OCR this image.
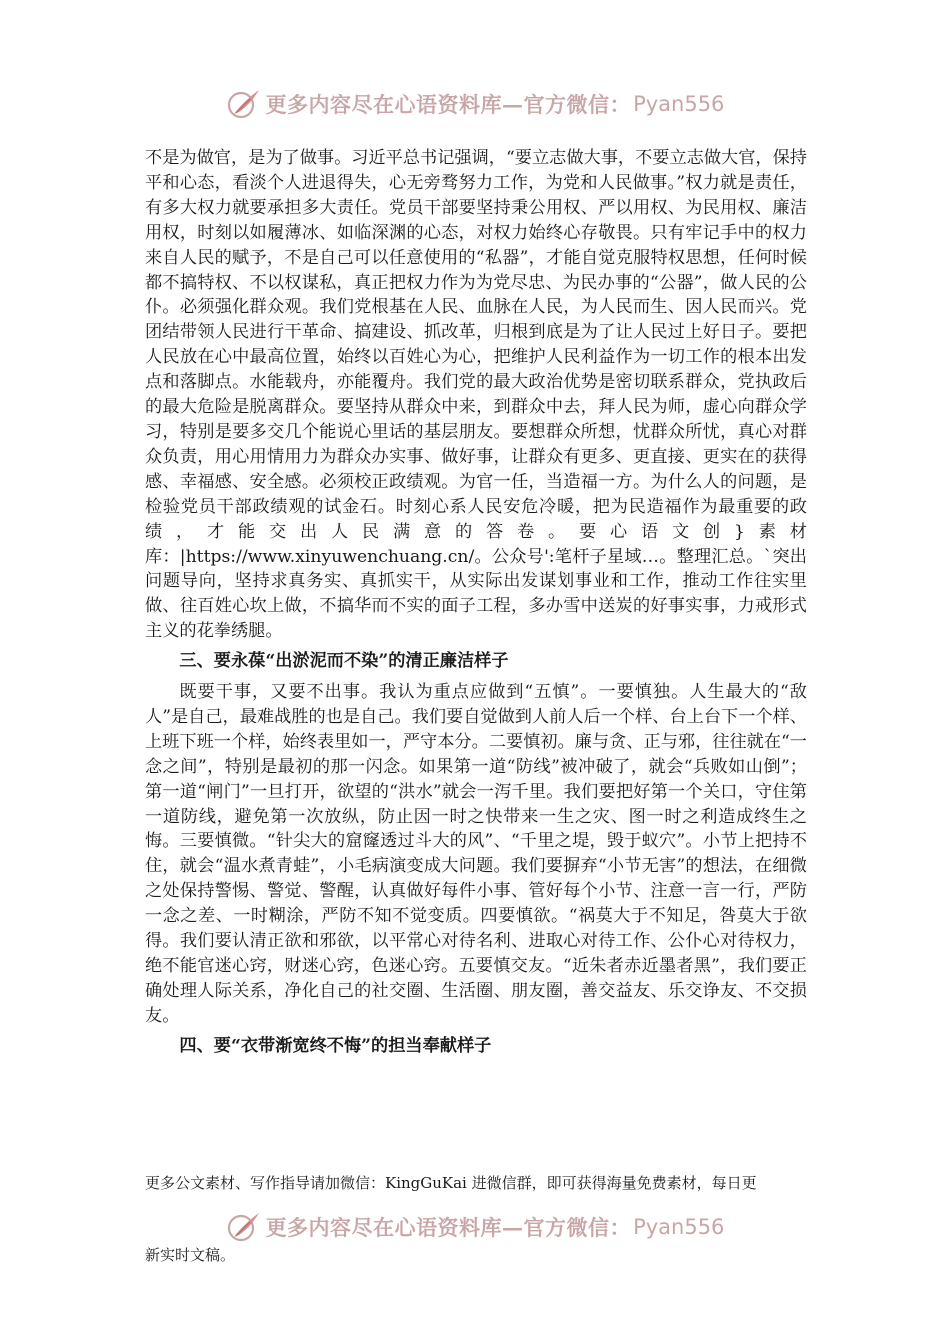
更多内容尽在心语资料库—官方微信： Pyan556

不是为做官，是为了做事。习近平总书记强调，“要立志做大事，不要立志做大官，保持平和心态，看淡个人进退得失，心无旁骛努力工作，为党和人民做事。”权力就是责任，有多大权力就要承担多大责任。党员干部要坚持秉公用权、严以用权、为民用权、廉洁用权，时刻以如履薄冰、如临深渊的心态，对权力始终心存敬畏。只有牢记手中的权力来自人民的赋予，不是自己可以任意使用的“私器”，才能自觉克服特权思想，任何时候都不搞特权、不以权谋私，真正把权力作为为党尽忠、为民办事的“公器”，做人民的公仆。必须强化群众观。我们党根基在人民、血脉在人民，为人民而生、因人民而兴。党团结带领人民进行干革命、搞建设、抓改革，归根到底是为了让人民过上好日子。要把人民放在心中最高位置，始终以百姓心为心，把维护人民利益作为一切工作的根本出发点和落脚点。水能载舟，亦能覆舟。我们党的最大政治优势是密切联系群众，党执政后的最大危险是脱离群众。要坚持从群众中来，到群众中去，拜人民为师，虚心向群众学习，特别是要多交几个能说心里话的基层朋友。要想群众所想，忧群众所忧，真心对群众负责，用心用情用力为群众办实事、做好事，让群众有更多、更直接、更实在的获得感、幸福感、安全感。必须校正政绩观。为官一任，当造福一方。为什么人的问题，是检验党员干部政绩观的试金石。时刻心系人民安危冷暖，把为民造福作为最重要的政绩，才能交出人民满意的答卷。要心语文创}素材库：|https://www.xinyuwenchuang.cn/。公众号':笔杆子星域…。整理汇总。`突出问题导向，坚持求真务实、真抓实干，从实际出发谋划事业和工作，推动工作往实里做、往百姓心坎上做，不搞华而不实的面子工程，多办雪中送炭的好事实事，力戒形式主义的花拳绣腿。

三、要永葆“出淤泥而不染”的清正廉洁样子

既要干事，又要不出事。我认为重点应做到“五慎”。一要慎独。人生最大的“敌人”是自己，最难战胜的也是自己。我们要自觉做到人前人后一个样、台上台下一个样、上班下班一个样，始终表里如一，严守本分。二要慎初。廉与贪、正与邪，往往就在“一念之间”，特别是最初的那一闪念。如果第一道“防线”被冲破了，就会“兵败如山倒”；第一道“闸门”一旦打开，欲望的“洪水”就会一泻千里。我们要把好第一个关口，守住第一道防线，避免第一次放纵，防止因一时之快带来一生之灾、图一时之利造成终生之悔。三要慎微。“针尖大的窟窿透过斗大的风”、“千里之堤，毁于蚁穴”。小节上把持不住，就会“温水煮青蛙”，小毛病演变成大问题。我们要摒弃“小节无害”的想法，在细微之处保持警惕、警觉、警醒，认真做好每件小事、管好每个小节、注意一言一行，严防一念之差、一时糊涂，严防不知不觉变质。四要慎欲。“祸莫大于不知足，咎莫大于欲得。我们要认清正欲和邪欲，以平常心对待名利、进取心对待工作、公仆心对待权力，绝不能官迷心窍，财迷心窍，色迷心窍。五要慎交友。“近朱者赤近墨者黑”，我们要正确处理人际关系，净化自己的社交圈、生活圈、朋友圈，善交益友、乐交诤友、不交损友。

四、要“衣带渐宽终不悔”的担当奉献样子

更多公文素材、写作指导请加微信：KingGuKai 进微信群，即可获得海量免费素材，每日更
更多内容尽在心语资料库—官方微信： Pyan556
新实时文稿。
